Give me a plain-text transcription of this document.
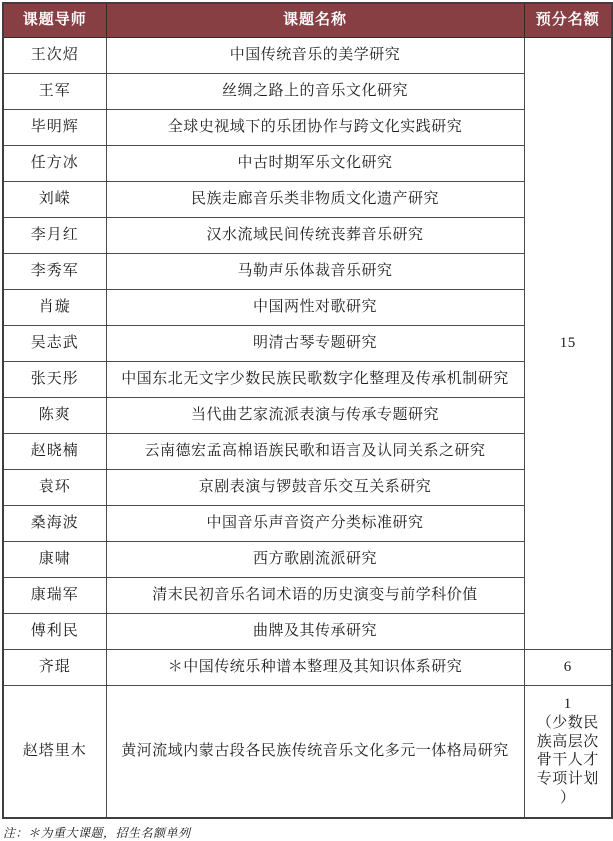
课题导师	课题名称	预分名额
王次炤	中国传统音乐的美学研究	15
王军	丝绸之路上的音乐文化研究	
毕明辉	全球史视域下的乐团协作与跨文化实践研究	
任方冰	中古时期军乐文化研究	
刘嵘	民族走廊音乐类非物质文化遗产研究	
李月红	汉水流域民间传统丧葬音乐研究	
李秀军	马勒声乐体裁音乐研究	
肖璇	中国两性对歌研究	
吴志武	明清古琴专题研究	
张天彤	中国东北无文字少数民族民歌数字化整理及传承机制研究	
陈爽	当代曲艺家流派表演与传承专题研究	
赵晓楠	云南德宏孟高棉语族民歌和语言及认同关系之研究	
袁环	京剧表演与锣鼓音乐交互关系研究	
桑海波	中国音乐声音资产分类标准研究	
康啸	西方歌剧流派研究	
康瑞军	清末民初音乐名词术语的历史演变与前学科价值	
傅利民	曲牌及其传承研究	
齐琨	＊中国传统乐种谱本整理及其知识体系研究	6
赵塔里木	黄河流域内蒙古段各民族传统音乐文化多元一体格局研究	1
（少数民族高层次骨干人才专项计划）
注：＊为重大课题，招生名额单列
